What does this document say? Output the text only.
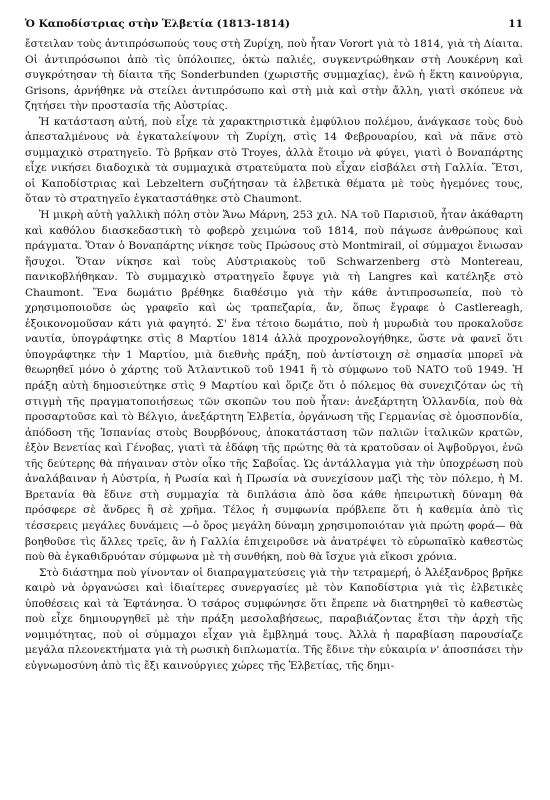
Ὁ Καποδίστριας στὴν Ἑλβετία (1813-1814)	11

ἔστειλαν τοὺς ἀντιπρόσωπούς τους στὴ Ζυρίχη, ποὺ ἦταν Vorort γιὰ τὸ 1814, γιὰ τὴ Δίαιτα. Οἱ ἀντιπρόσωποι ἀπὸ τὶς ὑπόλοιπες, ὀκτὼ παλιές, συγκεντρώθηκαν στὴ Λουκέρνη καὶ συγκρότησαν τὴ δίαιτα τῆς Sonderbunden (χωριστῆς συμμαχίας), ἐνῶ ἡ ἕκτη καινούργια, Grisons, ἀρνήθηκε νὰ στείλει ἀντιπρόσωπο καὶ στὴ μιὰ καὶ στὴν ἄλλη, γιατὶ σκόπευε νὰ ζητήσει τὴν προστασία τῆς Αὐστρίας.

Ἡ κατάσταση αὐτή, ποὺ εἶχε τὰ χαρακτηριστικὰ ἐμφύλιου πολέμου, ἀνάγκασε τοὺς δυὸ ἀπεσταλμένους νὰ ἐγκαταλείψουν τὴ Ζυρίχη, στὶς 14 Φεβρουαρίου, καὶ νὰ πᾶνε στὸ συμμαχικὸ στρατηγεῖο. Τὸ βρῆκαν στὸ Troyes, ἀλλὰ ἕτοιμο νὰ φύγει, γιατὶ ὁ Βοναπάρτης εἶχε νικήσει διαδοχικὰ τὰ συμμαχικὰ στρατεύματα ποὺ εἶχαν εἰσβάλει στὴ Γαλλία. Ἔτσι, οἱ Καποδίστριας καὶ Lebzeltern συζήτησαν τὰ ἑλβετικὰ θέματα μὲ τοὺς ἡγεμόνες τους, ὅταν τὸ στρατηγεῖο ἐγκαταστάθηκε στὸ Chaumont.

Ἡ μικρὴ αὐτὴ γαλλικὴ πόλη στὸν Ἄνω Μάρνη, 253 χιλ. ΝΑ τοῦ Παρισιοῦ, ἦταν ἀκάθαρτη καὶ καθόλου διασκεδαστικὴ τὸ φοβερὸ χειμώνα τοῦ 1814, ποὺ πάγωσε ἀνθρώπους καὶ πράγματα. Ὅταν ὁ Βοναπάρτης νίκησε τοὺς Πρώσους στὸ Montmirail, οἱ σύμμαχοι ἔνιωσαν ἥσυχοι. Ὅταν νίκησε καὶ τοὺς Αὐστριακοὺς τοῦ Schwarzenberg στὸ Montereau, πανικοβλήθηκαν. Τὸ συμμαχικὸ στρατηγεῖο ἔφυγε γιὰ τὴ Langres καὶ κατέληξε στὸ Chaumont. Ἕνα δωμάτιο βρέθηκε διαθέσιμο γιὰ τὴν κάθε ἀντιπροσωπεία, ποὺ τὸ χρησιμοποιοῦσε ὡς γραφεῖο καὶ ὡς τραπεζαρία, ἄν, ὅπως ἔγραφε ὁ Castlereagh, ἐξοικονομοῦσαν κάτι γιὰ φαγητό. Σ' ἕνα τέτοιο δωμάτιο, ποὺ ἡ μυρωδιὰ του προκαλοῦσε ναυτία, ὑπογράφτηκε στὶς 8 Μαρτίου 1814 ἀλλὰ προχρονολογήθηκε, ὥστε νὰ φανεῖ ὅτι ὑπογράφτηκε τὴν 1 Μαρτίου, μιὰ διεθνὴς πράξη, ποὺ ἀντίστοιχη σὲ σημασία μπορεῖ νὰ θεωρηθεῖ μόνο ὁ χάρτης τοῦ Ἀτλαντικοῦ τοῦ 1941 ἢ τὸ σύμφωνο τοῦ ΝΑΤΟ τοῦ 1949. Ἡ πράξη αὐτὴ δημοσιεύτηκε στὶς 9 Μαρτίου καὶ ὅριζε ὅτι ὁ πόλεμος θὰ συνεχιζόταν ὡς τὴ στιγμὴ τῆς πραγματοποιήσεως τῶν σκοπῶν του ποὺ ἦταν: ἀνεξάρτητη Ὁλλανδία, ποὺ θὰ προσαρτοῦσε καὶ τὸ Βέλγιο, ἀνεξάρτητη Ἑλβετία, ὀργάνωση τῆς Γερμανίας σὲ ὁμοσπονδία, ἀπόδοση τῆς Ἱσπανίας στοὺς Βουρβόνους, ἀποκατάσταση τῶν παλιῶν ἰταλικῶν κρατῶν, ἐξὸν Βενετίας καὶ Γένοβας, γιατὶ τὰ ἐδάφη τῆς πρώτης θὰ τὰ κρατοῦσαν οἱ Ἀψβοῦργοι, ἐνῶ τῆς δεύτερης θὰ πήγαιναν στὸν οἶκο τῆς Σαβοΐας. Ὡς ἀντάλλαγμα γιὰ τὴν ὑποχρέωση ποὺ ἀναλάβαιναν ἡ Αὐστρία, ἡ Ρωσία καὶ ἡ Πρωσία νὰ συνεχίσουν μαζὶ τὴς τὸν πόλεμο, ἡ Μ. Βρετανία θὰ ἔδινε στὴ συμμαχία τὰ διπλάσια ἀπὸ ὅσα κάθε ἠπειρωτικὴ δύναμη θὰ πρόσφερε σὲ ἄνδρες ἢ σὲ χρῆμα. Τέλος ἡ συμφωνία πρόβλεπε ὅτι ἡ καθεμία ἀπὸ τὶς τέσσερεις μεγάλες δυνάμεις —ὁ ὅρος μεγάλη δύναμη χρησιμοποιόταν γιὰ πρώτη φορά— θὰ βοηθοῦσε τὶς ἄλλες τρεῖς, ἂν ἡ Γαλλία ἐπιχειροῦσε νὰ ἀνατρέψει τὸ εὐρωπαϊκὸ καθεστὼς ποὺ θὰ ἐγκαθιδρυόταν σύμφωνα μὲ τὴ συνθήκη, ποὺ θὰ ἴσχυε γιὰ εἴκοσι χρόνια.

Στὸ διάστημα ποὺ γίνονταν οἱ διαπραγματεύσεις γιὰ τὴν τετραμερή, ὁ Ἀλέξανδρος βρῆκε καιρὸ νὰ ὀργανώσει καὶ ἰδιαίτερες συνεργασίες μὲ τὸν Καποδίστρια γιὰ τὶς ἑλβετικὲς ὑποθέσεις καὶ τὰ Ἑφτάνησα. Ὁ τσάρος συμφώνησε ὅτι ἔπρεπε νὰ διατηρηθεῖ τὸ καθεστὼς ποὺ εἶχε δημιουργηθεῖ μὲ τὴν πράξη μεσολαβήσεως, παραβιάζοντας ἔτσι τὴν ἀρχὴ τῆς νομιμότητας, ποὺ οἱ σύμμαχοι εἶχαν γιὰ ἔμβλημά τους. Ἀλλὰ ἡ παραβίαση παρουσίαζε μεγάλα πλεονεκτήματα γιὰ τὴ ρωσικὴ διπλωματία. Τῆς ἔδινε τὴν εὐκαιρία ν' ἀποσπάσει τὴν εὐγνωμοσύνη ἀπὸ τὶς ἔξι καινούργιες χώρες τῆς Ἑλβετίας, τῆς δημι-
